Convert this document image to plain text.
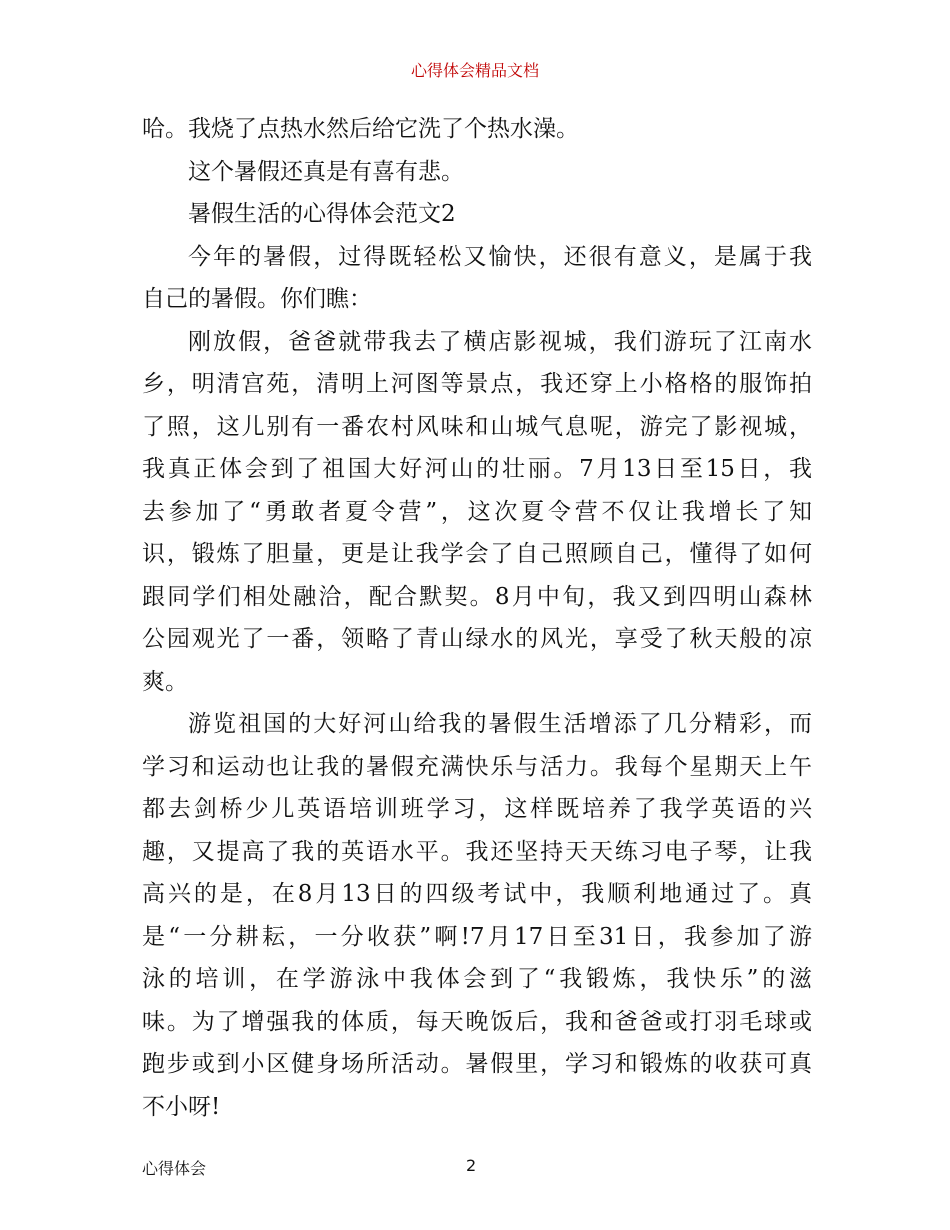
心得体会精品文档
哈。我烧了点热水然后给它洗了个热水澡。
这个暑假还真是有喜有悲。
暑假生活的心得体会范文2
今年的暑假，过得既轻松又愉快，还很有意义，是属于我
自己的暑假。你们瞧：
刚放假，爸爸就带我去了横店影视城，我们游玩了江南水
乡，明清宫苑，清明上河图等景点，我还穿上小格格的服饰拍
了照，这儿别有一番农村风味和山城气息呢，游完了影视城，
我真正体会到了祖国大好河山的壮丽。7月13日至15日，我
去参加了“勇敢者夏令营”，这次夏令营不仅让我增长了知
识，锻炼了胆量，更是让我学会了自己照顾自己，懂得了如何
跟同学们相处融洽，配合默契。8月中旬，我又到四明山森林
公园观光了一番，领略了青山绿水的风光，享受了秋天般的凉
爽。
游览祖国的大好河山给我的暑假生活增添了几分精彩，而
学习和运动也让我的暑假充满快乐与活力。我每个星期天上午
都去剑桥少儿英语培训班学习，这样既培养了我学英语的兴
趣，又提高了我的英语水平。我还坚持天天练习电子琴，让我
高兴的是，在8月13日的四级考试中，我顺利地通过了。真
是“一分耕耘，一分收获”啊!7月17日至31日，我参加了游
泳的培训，在学游泳中我体会到了“我锻炼，我快乐”的滋
味。为了增强我的体质，每天晚饭后，我和爸爸或打羽毛球或
跑步或到小区健身场所活动。暑假里，学习和锻炼的收获可真
不小呀!
心得体会	2
